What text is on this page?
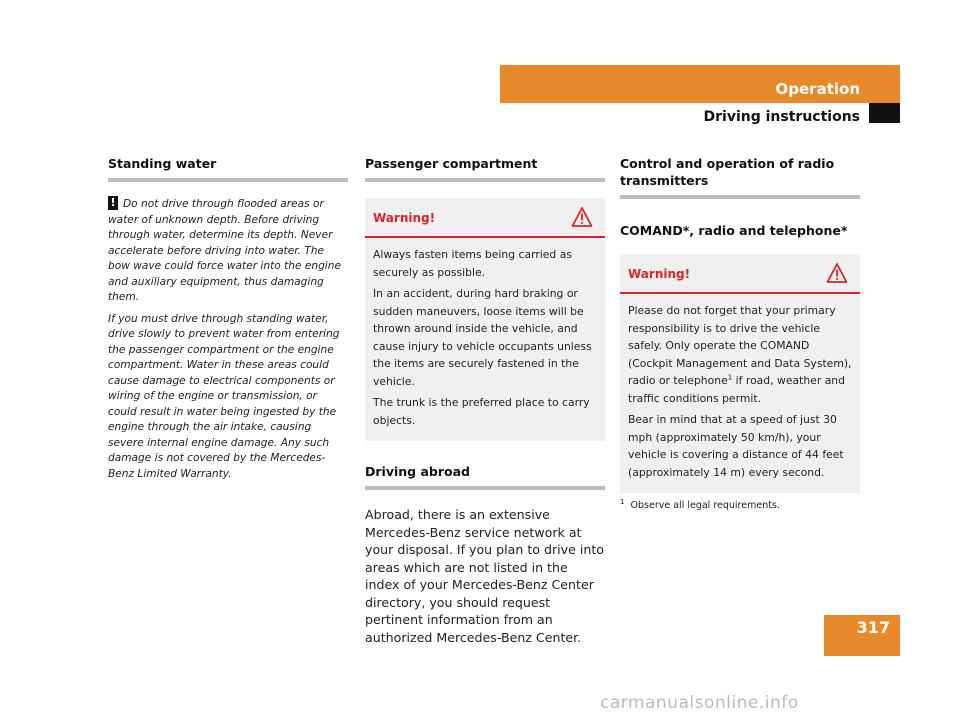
Operation
Driving instructions
Standing water

! Do not drive through flooded areas or water of unknown depth. Before driving through water, determine its depth. Never accelerate before driving into water. The bow wave could force water into the engine and auxiliary equipment, thus damaging them.

If you must drive through standing water, drive slowly to prevent water from entering the passenger compartment or the engine compartment. Water in these areas could cause damage to electrical components or wiring of the engine or transmission, or could result in water being ingested by the engine through the air intake, causing severe internal engine damage. Any such damage is not covered by the Mercedes-Benz Limited Warranty.

Passenger compartment
Warning!

Always fasten items being carried as securely as possible.

In an accident, during hard braking or sudden maneuvers, loose items will be thrown around inside the vehicle, and cause injury to vehicle occupants unless the items are securely fastened in the vehicle.

The trunk is the preferred place to carry objects.

Driving abroad
Abroad, there is an extensive Mercedes-Benz service network at your disposal. If you plan to drive into areas which are not listed in the index of your Mercedes-Benz Center directory, you should request pertinent information from an authorized Mercedes-Benz Center.
Control and operation of radio transmitters
COMAND*, radio and telephone*
Warning!

Please do not forget that your primary responsibility is to drive the vehicle safely. Only operate the COMAND (Cockpit Management and Data System), radio or telephone$^1$ if road, weather and traffic conditions permit.

Bear in mind that at a speed of just 30 mph (approximately 50 km/h), your vehicle is covering a distance of 44 feet (approximately 14 m) every second.

$^1$ Observe all legal requirements.
317
carmanualsonline.info
